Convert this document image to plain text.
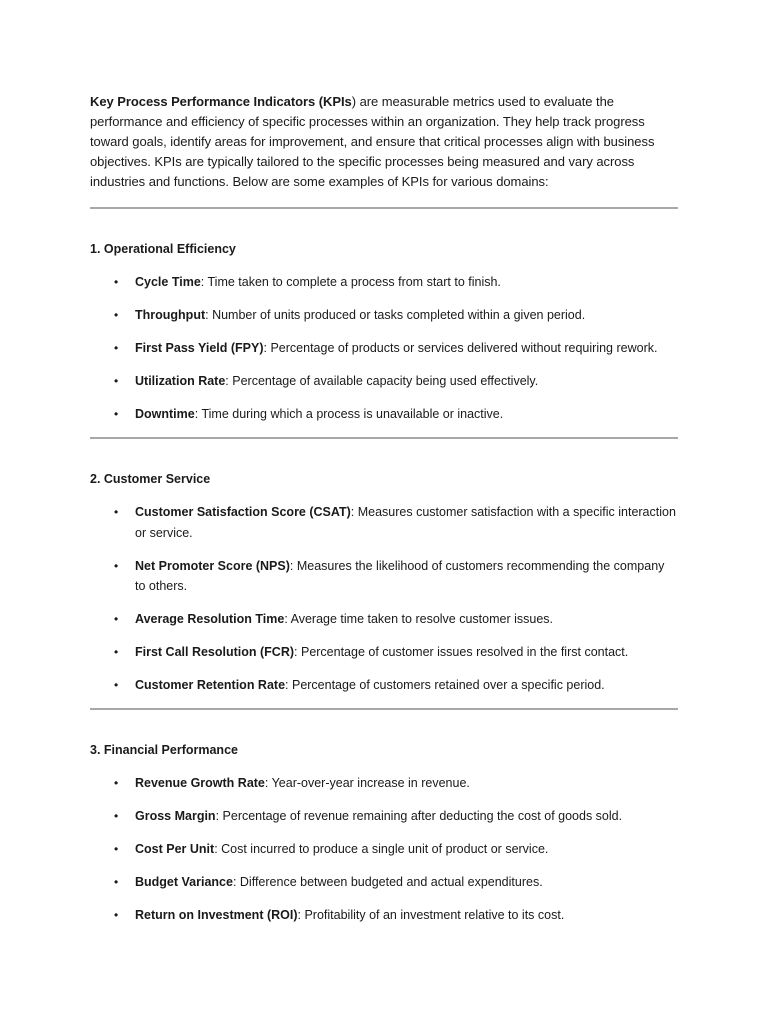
Key Process Performance Indicators (KPIs) are measurable metrics used to evaluate the performance and efficiency of specific processes within an organization. They help track progress toward goals, identify areas for improvement, and ensure that critical processes align with business objectives. KPIs are typically tailored to the specific processes being measured and vary across industries and functions. Below are some examples of KPIs for various domains:

1. Operational Efficiency
• Cycle Time: Time taken to complete a process from start to finish.
• Throughput: Number of units produced or tasks completed within a given period.
• First Pass Yield (FPY): Percentage of products or services delivered without requiring rework.
• Utilization Rate: Percentage of available capacity being used effectively.
• Downtime: Time during which a process is unavailable or inactive.
2. Customer Service
• Customer Satisfaction Score (CSAT): Measures customer satisfaction with a specific interaction or service.
• Net Promoter Score (NPS): Measures the likelihood of customers recommending the company to others.
• Average Resolution Time: Average time taken to resolve customer issues.
• First Call Resolution (FCR): Percentage of customer issues resolved in the first contact.
• Customer Retention Rate: Percentage of customers retained over a specific period.
3. Financial Performance
• Revenue Growth Rate: Year-over-year increase in revenue.
• Gross Margin: Percentage of revenue remaining after deducting the cost of goods sold.
• Cost Per Unit: Cost incurred to produce a single unit of product or service.
• Budget Variance: Difference between budgeted and actual expenditures.
• Return on Investment (ROI): Profitability of an investment relative to its cost.
